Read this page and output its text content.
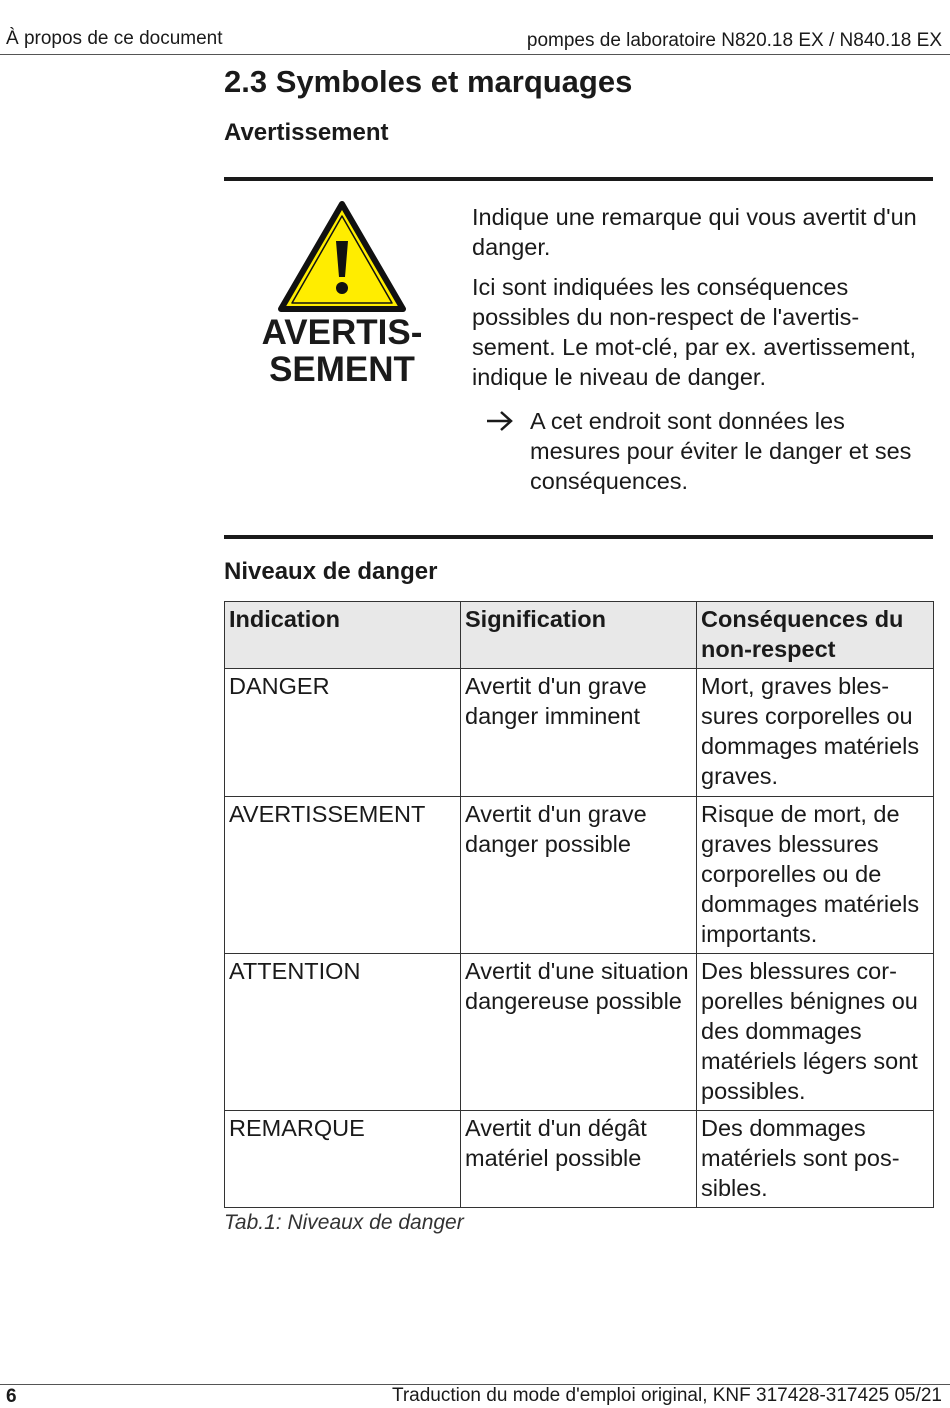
À propos de ce document	pompes de laboratoire N820.18 EX / N840.18 EX
2.3 Symboles et marquages
Avertissement
AVERTIS-
SEMENT

Indique une remarque qui vous avertit d'un danger.

Ici sont indiquées les conséquences possibles du non-respect de l'avertissement. Le mot-clé, par ex. avertissement, indique le niveau de danger.

A cet endroit sont données les mesures pour éviter le danger et ses conséquences.
Niveaux de danger
Indication	Signification	Conséquences du non-respect
DANGER	Avertit d'un grave danger imminent	Mort, graves blessures corporelles ou dommages matériels graves.
AVERTISSEMENT	Avertit d'un grave danger possible	Risque de mort, de graves blessures corporelles ou de dommages matériels importants.
ATTENTION	Avertit d'une situation dangereuse possible	Des blessures corporelles bénignes ou des dommages matériels légers sont possibles.
REMARQUE	Avertit d'un dégât matériel possible	Des dommages matériels sont possibles.
Tab.1: Niveaux de danger
6	Traduction du mode d'emploi original, KNF 317428-317425 05/21
